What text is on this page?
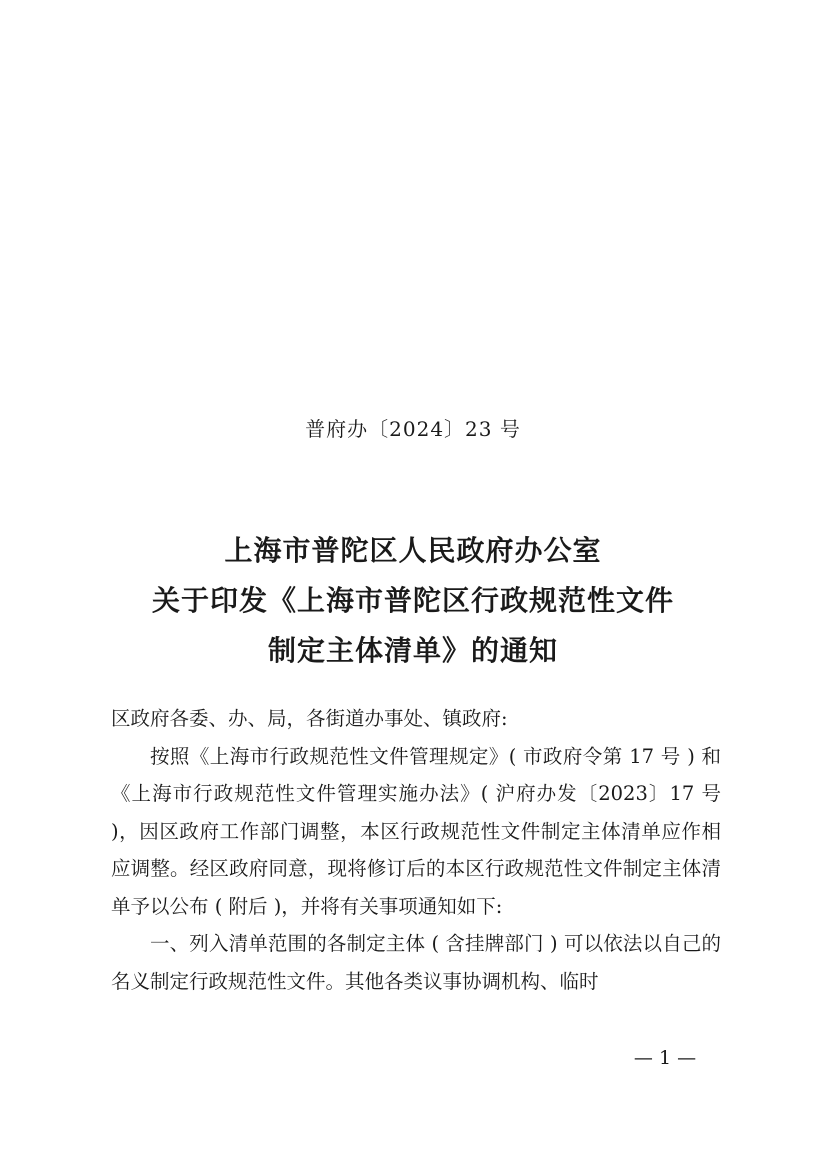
普府办〔2024〕23 号
上海市普陀区人民政府办公室
关于印发《上海市普陀区行政规范性文件
制定主体清单》的通知

区政府各委、办、局，各街道办事处、镇政府:

按照《上海市行政规范性文件管理规定》( 市政府令第 17 号 ) 和《上海市行政规范性文件管理实施办法》( 沪府办发〔2023〕17 号 )，因区政府工作部门调整，本区行政规范性文件制定主体清单应作相应调整。经区政府同意，现将修订后的本区行政规范性文件制定主体清单予以公布 ( 附后 )，并将有关事项通知如下:

一、列入清单范围的各制定主体 ( 含挂牌部门 ) 可以依法以自己的名义制定行政规范性文件。其他各类议事协调机构、临时

— 1 —
